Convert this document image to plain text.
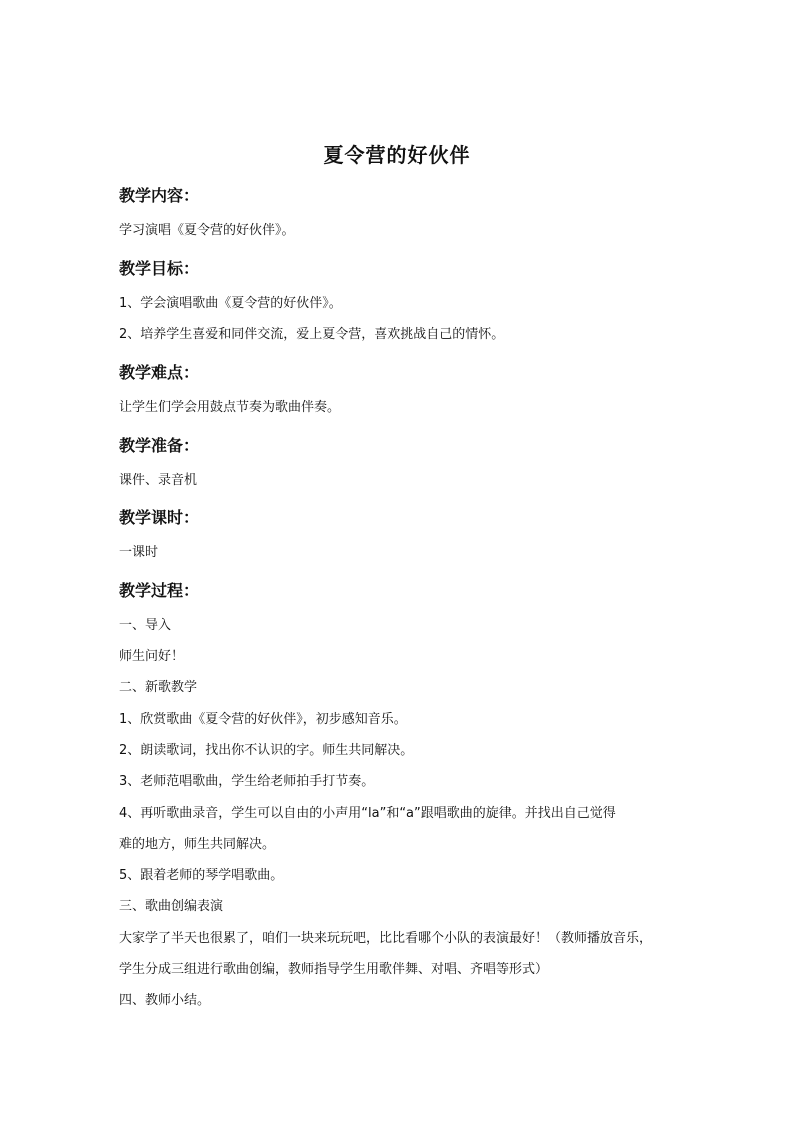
夏令营的好伙伴
教学内容：
学习演唱《夏令营的好伙伴》。
教学目标：
1、学会演唱歌曲《夏令营的好伙伴》。
2、培养学生喜爱和同伴交流，爱上夏令营，喜欢挑战自己的情怀。
教学难点：
让学生们学会用鼓点节奏为歌曲伴奏。
教学准备：
课件、录音机
教学课时：
一课时
教学过程：
一、导入
师生问好！
二、新歌教学
1、欣赏歌曲《夏令营的好伙伴》，初步感知音乐。
2、朗读歌词，找出你不认识的字。师生共同解决。
3、老师范唱歌曲，学生给老师拍手打节奏。
4、再听歌曲录音，学生可以自由的小声用“la”和“a”跟唱歌曲的旋律。并找出自己觉得
难的地方，师生共同解决。
5、跟着老师的琴学唱歌曲。
三、歌曲创编表演
大家学了半天也很累了，咱们一块来玩玩吧，比比看哪个小队的表演最好！（教师播放音乐，
学生分成三组进行歌曲创编，教师指导学生用歌伴舞、对唱、齐唱等形式）
四、教师小结。
